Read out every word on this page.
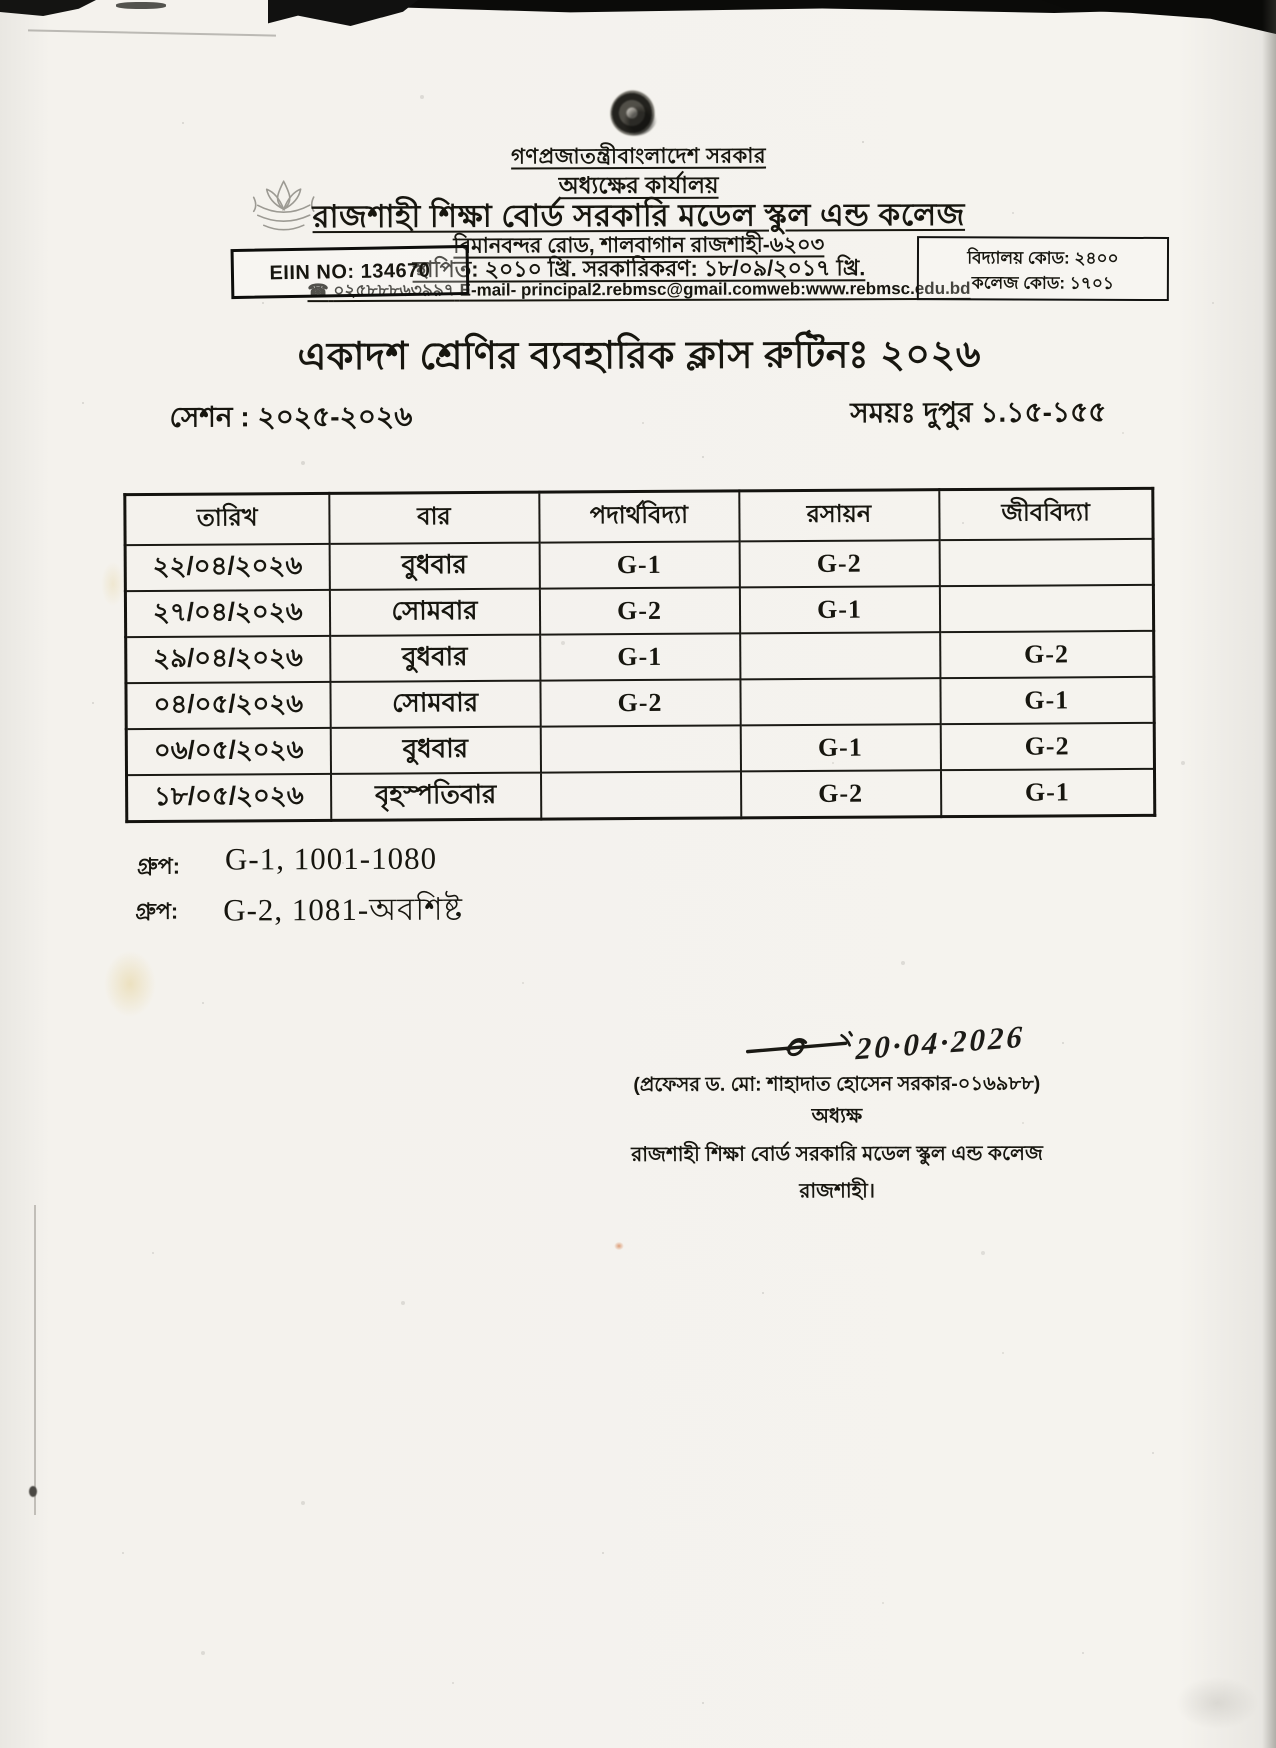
গণপ্রজাতন্ত্রীবাংলাদেশ সরকার
অধ্যক্ষের কার্যালয়
রাজশাহী শিক্ষা বোর্ড সরকারি মডেল স্কুল এন্ড কলেজ
বিমানবন্দর রোড, শালবাগান রাজশাহী-৬২০৩
স্থাপিত: ২০১০ খ্রি. সরকারিকরণ: ১৮/০৯/২০১৭ খ্রি.
☎ ০২৫৮৮৮৬৩৯৯৭ E-mail- principal2.rebmsc@gmail.comweb:www.rebmsc.edu.bd
EIIN NO: 134670
বিদ্যালয় কোড: ২৪০০
কলেজ কোড: ১৭০১
একাদশ শ্রেণির ব্যবহারিক ক্লাস রুটিনঃ ২০২৬
সেশন : ২০২৫-২০২৬	সময়ঃ দুপুর ১.১৫-১৫৫
তারিখ	বার	পদার্থবিদ্যা	রসায়ন	জীববিদ্যা
২২/০৪/২০২৬	বুধবার	G-1	G-2	
২৭/০৪/২০২৬	সোমবার	G-2	G-1	
২৯/০৪/২০২৬	বুধবার	G-1		G-2
০৪/০৫/২০২৬	সোমবার	G-2		G-1
০৬/০৫/২০২৬	বুধবার		G-1	G-2
১৮/০৫/২০২৬	বৃহস্পতিবার		G-2	G-1
গ্রুপ: G-1, 1001-1080
গ্রুপ: G-2, 1081-অবশিষ্ট
20·04·2026
(প্রফেসর ড. মো: শাহাদাত হোসেন সরকার-০১৬৯৮৮)
অধ্যক্ষ
রাজশাহী শিক্ষা বোর্ড সরকারি মডেল স্কুল এন্ড কলেজ
রাজশাহী।
